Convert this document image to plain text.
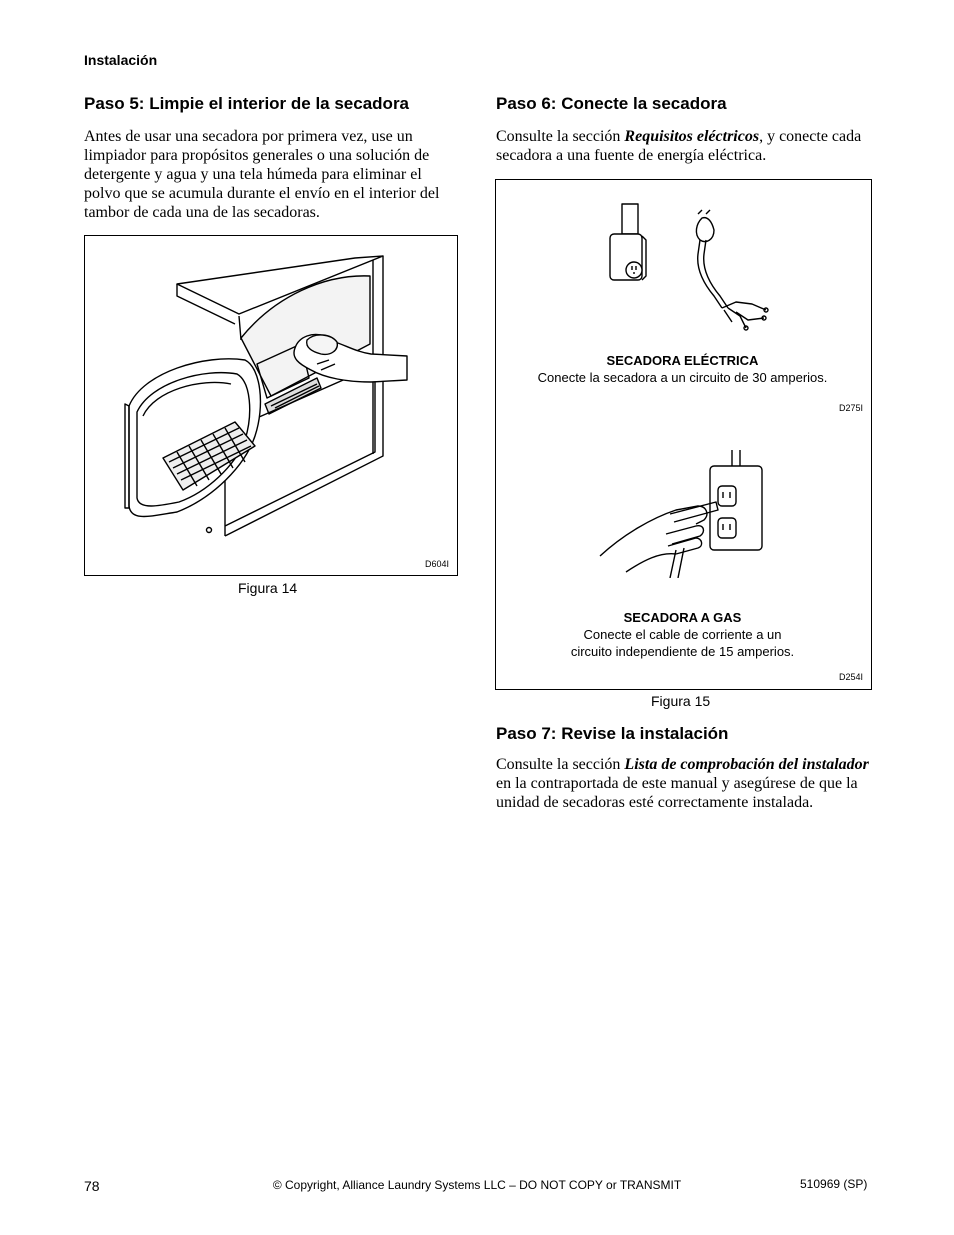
Instalación
Paso 5: Limpie el interior de la secadora

Antes de usar una secadora por primera vez, use un limpiador para propósitos generales o una solución de detergente y agua y una tela húmeda para eliminar el polvo que se acumula durante el envío en el interior del tambor de cada una de las secadoras.

D604I
Figura 14
Paso 6: Conecte la secadora

Consulte la sección Requisitos eléctricos, y conecte cada secadora a una fuente de energía eléctrica.

SECADORA ELÉCTRICA
Conecte la secadora a un circuito de 30 amperios.
D275I
SECADORA A GAS
Conecte el cable de corriente a un
circuito independiente de 15 amperios.
D254I
Figura 15
Paso 7: Revise la instalación

Consulte la sección Lista de comprobación del instalador en la contraportada de este manual y asegúrese de que la unidad de secadoras esté correctamente instalada.

78	© Copyright, Alliance Laundry Systems LLC – DO NOT COPY or TRANSMIT	510969 (SP)
